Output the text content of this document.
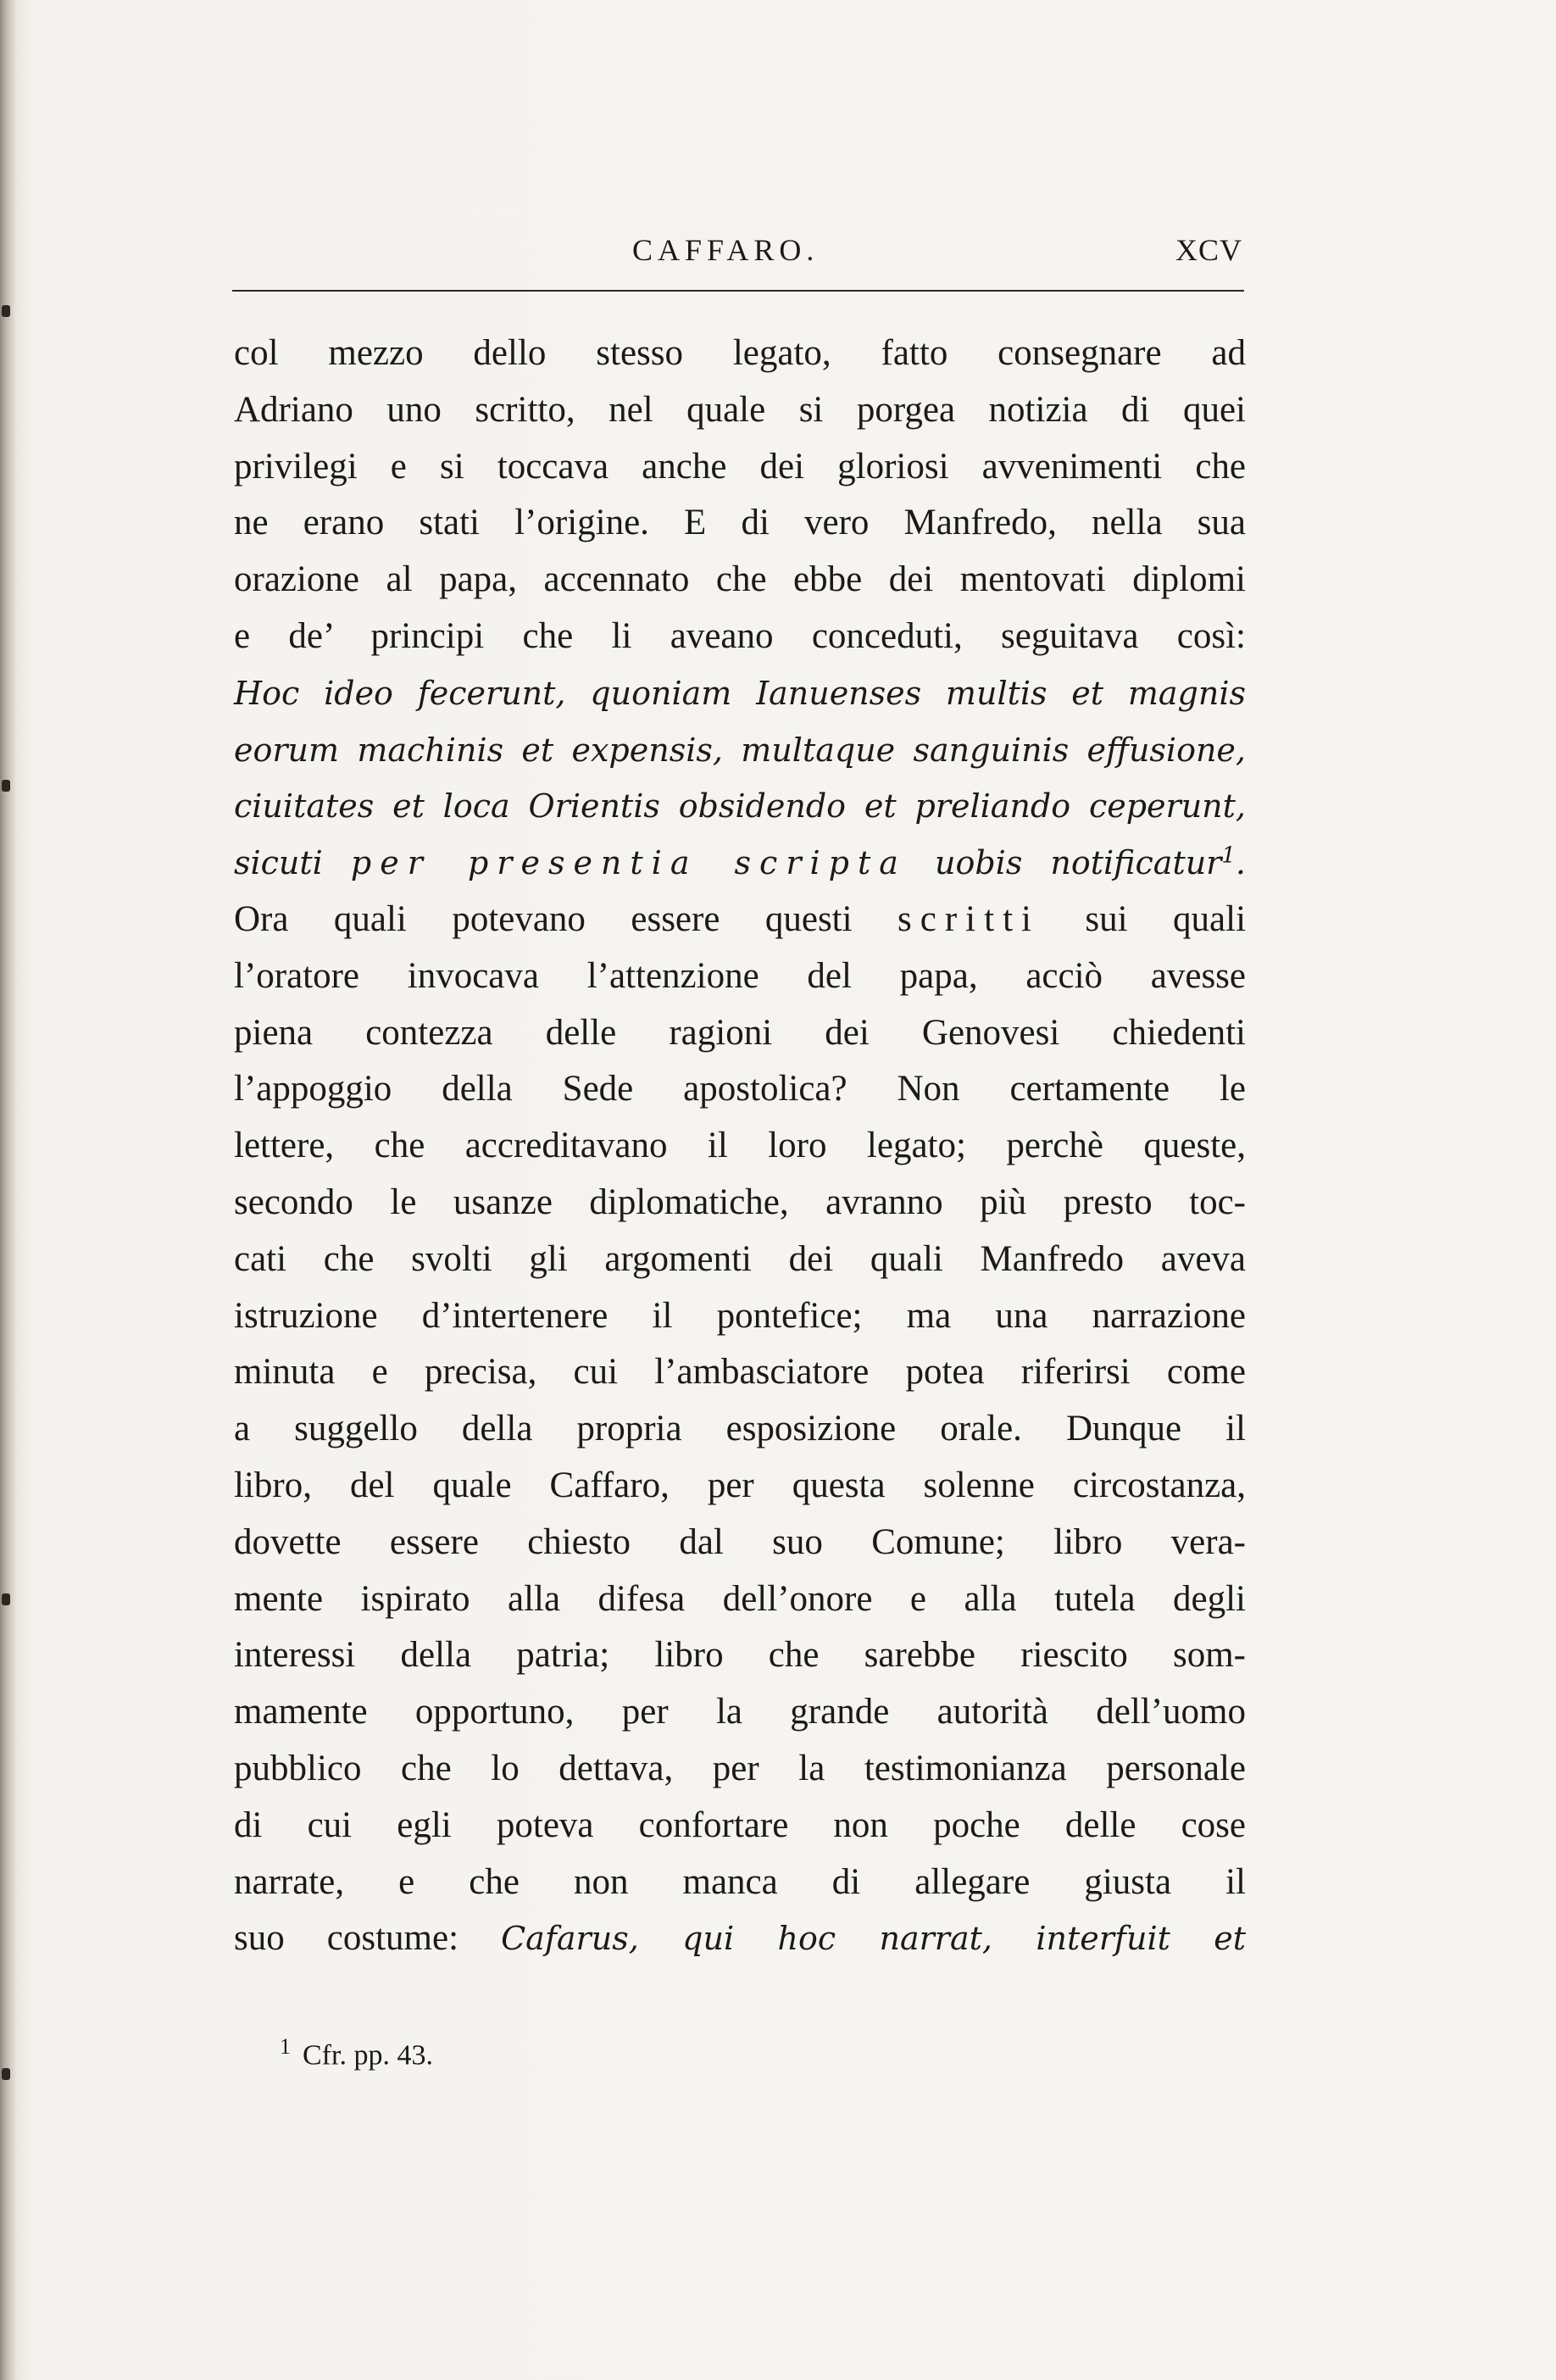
CAFFARO.	XCV
col mezzo dello stesso legato, fatto consegnare ad
Adriano uno scritto, nel quale si porgea notizia di quei
privilegi e si toccava anche dei gloriosi avvenimenti che
ne erano stati l’origine. E di vero Manfredo, nella sua
orazione al papa, accennato che ebbe dei mentovati diplomi
e de’ principi che li aveano conceduti, seguitava così:
Hoc ideo fecerunt, quoniam Ianuenses multis et magnis
eorum machinis et expensis, multaque sanguinis effusione,
ciuitates et loca Orientis obsidendo et preliando ceperunt,
sicuti per presentia scripta uobis notificatur$^1$.
Ora quali potevano essere questi scritti sui quali
l’oratore invocava l’attenzione del papa, acciò avesse
piena contezza delle ragioni dei Genovesi chiedenti
l’appoggio della Sede apostolica? Non certamente le
lettere, che accreditavano il loro legato; perchè queste,
secondo le usanze diplomatiche, avranno più presto toc-
cati che svolti gli argomenti dei quali Manfredo aveva
istruzione d’intertenere il pontefice; ma una narrazione
minuta e precisa, cui l’ambasciatore potea riferirsi come
a suggello della propria esposizione orale. Dunque il
libro, del quale Caffaro, per questa solenne circostanza,
dovette essere chiesto dal suo Comune; libro vera-
mente ispirato alla difesa dell’onore e alla tutela degli
interessi della patria; libro che sarebbe riescito som-
mamente opportuno, per la grande autorità dell’uomo
pubblico che lo dettava, per la testimonianza personale
di cui egli poteva confortare non poche delle cose
narrate, e che non manca di allegare giusta il
suo costume: Cafarus, qui hoc narrat, interfuit et
$^1$ Cfr. pp. 43.
